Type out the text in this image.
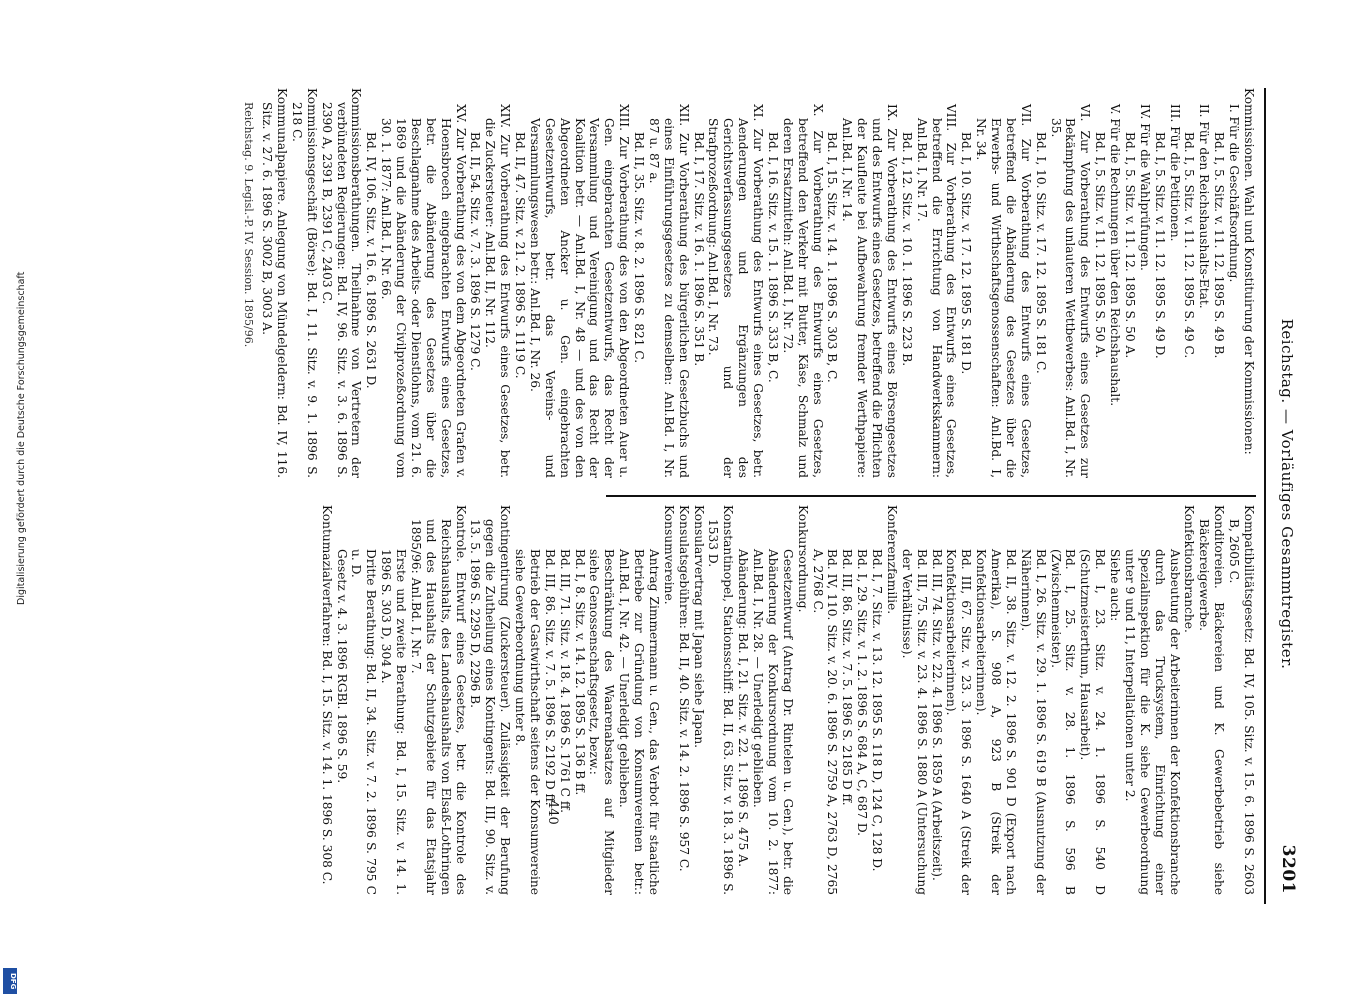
Reichstag. — Vorläufiges Gesammtregister.
3201

Kommissionen. Wahl und Konstituirung der Kommissionen:

I. Für die Geschäftsordnung.

Bd. I, 5. Sitz. v. 11. 12. 1895 S. 49 B.

II. Für den Reichshaushalts-Etat.

Bd. I, 5. Sitz. v. 11. 12. 1895 S. 49 C.

III. Für die Petitionen.

Bd. I, 5. Sitz. v. 11. 12. 1895 S. 49 D.

IV. Für die Wahlprüfungen.

Bd. I, 5. Sitz. v. 11. 12. 1895 S. 50 A.

V. Für die Rechnungen über den Reichshaushalt.

Bd. I, 5. Sitz. v. 11. 12. 1895 S. 50 A.

VI. Zur Vorberathung des Entwurfs eines Gesetzes zur Bekämpfung des unlauteren Wettbewerbes: Anl.Bd. I, Nr. 35.

Bd. I, 10. Sitz. v. 17. 12. 1895 S. 181 C.

VII. Zur Vorberathung des Entwurfs eines Gesetzes, betreffend die Abänderung des Gesetzes über die Erwerbs- und Wirthschaftsgenossenschaften: Anl.Bd. I, Nr. 34.

Bd. I, 10. Sitz. v. 17. 12. 1895 S. 181 D.

VIII. Zur Vorberathung des Entwurfs eines Gesetzes, betreffend die Errichtung von Handwerkskammern: Anl.Bd. I, Nr. 17.

Bd. I, 12. Sitz. v. 10. 1. 1896 S. 223 B.

IX. Zur Vorberathung des Entwurfs eines Börsengesetzes und des Entwurfs eines Gesetzes, betreffend die Pflichten der Kaufleute bei Aufbewahrung fremder Werthpapiere: Anl.Bd. I, Nr. 14.

Bd. I, 15. Sitz. v. 14. 1. 1896 S. 303 B, C.

X. Zur Vorberathung des Entwurfs eines Gesetzes, betreffend den Verkehr mit Butter, Käse, Schmalz und deren Ersatzmitteln: Anl.Bd. I, Nr. 72.

Bd. I, 16. Sitz. v. 15. 1. 1896 S. 333 B, C.

XI. Zur Vorberathung des Entwurfs eines Gesetzes, betr. Aenderungen und Ergänzungen des Gerichtsverfassungsgesetzes und der Strafprozeßordnung: Anl.Bd. I, Nr. 73.

Bd. I, 17. Sitz. v. 16. 1. 1896 S. 351 B.

XII. Zur Vorberathung des bürgerlichen Gesetzbuchs und eines Einführungsgesetzes zu demselben: Anl.Bd. I, Nr. 87 u. 87 a.

Bd. II, 35. Sitz. v. 8. 2. 1896 S. 821 C.

XIII. Zur Vorberathung des von den Abgeordneten Auer u. Gen. eingebrachten Gesetzentwurfs, das Recht der Versammlung und Vereinigung und das Recht der Koalition betr. — Anl.Bd. I, Nr. 48 — und des von den Abgeordneten Ancker u. Gen. eingebrachten Gesetzentwurfs, betr. das Vereins- und Versammlungswesen betr.: Anl.Bd. I, Nr. 26.

Bd. II, 47. Sitz. v. 21. 2. 1896 S. 1119 C.

XIV. Zur Vorberathung des Entwurfs eines Gesetzes, betr. die Zuckersteuer: Anl.Bd. II, Nr. 112.

Bd. II, 54. Sitz. v. 7. 3. 1896 S. 1279 C.

XV. Zur Vorberathung des von dem Abgeordneten Grafen v. Hoensbroech eingebrachten Entwurfs eines Gesetzes, betr. die Abänderung des Gesetzes über die Beschlagnahme des Arbeits- oder Dienstlohns, vom 21. 6. 1869 und die Abänderung der Civilprozeßordnung vom 30. 1. 1877: Anl.Bd. I, Nr. 66.

Bd. IV, 106. Sitz. v. 16. 6. 1896 S. 2631 D.

Kommissionsberathungen. Theilnahme von Vertretern der verbündeten Regierungen: Bd. IV, 96. Sitz. v. 3. 6. 1896 S. 2390 A, 2391 B, 2391 C, 2403 C.

Kommissionsgeschäft (Börse): Bd. I, 11. Sitz. v. 9. 1. 1896 S. 218 C.

Kommunalpapiere. Anlegung von Mündelgeldern: Bd. IV, 116. Sitz. v. 27. 6. 1896 S. 3002 B, 3003 A.

Reichstag. 9. Legisl.-P. IV. Session. 1895/96.

Kompatibilitätsgesetz: Bd. IV, 105. Sitz. v. 15. 6. 1896 S. 2603 B, 2605 C.

Konditoreien. Bäckereien und K. Gewerbebetrieb siehe Bäckereigewerbe.

Konfektionsbranche.

Ausbeutung der Arbeiterinnen der Konfektionsbranche durch das Trucksystem, Einrichtung einer Spezialinspektion für die K. siehe Gewerbeordnung unter 9 und 11, Interpellationen unter 2.

Siehe auch:

Bd. I, 23. Sitz. v. 24. 1. 1896 S. 540 D (Schutzmeisterthum, Hausarbeit).

Bd. I, 25. Sitz. v. 28. 1. 1896 S. 596 B (Zwischenmeister).

Bd. I, 26. Sitz. v. 29. 1. 1896 S. 619 B (Ausnutzung der Näherinnen).

Bd. II, 38. Sitz. v. 12. 2. 1896 S. 901 D (Export nach Amerika), S. 908 A, 923 B (Streik der Konfektionsarbeiterinnen).

Bd. III, 67. Sitz. v. 23. 3. 1896 S. 1640 A (Streik der Konfektionsarbeiterinnen).

Bd. III, 74. Sitz. v. 22. 4. 1896 S. 1859 A (Arbeitszeit).

Bd. III, 75. Sitz. v. 23. 4. 1896 S. 1880 A (Untersuchung der Verhältnisse).

Konferenzfamilie.

Bd. I, 7. Sitz. v. 13. 12. 1895 S. 118 D, 124 C, 128 D.

Bd. I, 29. Sitz. v. 1. 2. 1896 S. 684 A, C, 687 D.

Bd. III, 86. Sitz. v. 7. 5. 1896 S. 2185 D ff.

Bd. IV, 110. Sitz. v. 20. 6. 1896 S. 2759 A, 2763 D, 2765 A, 2768 C.

Konkursordnung.

Gesetzentwurf (Antrag Dr. Rintelen u. Gen.), betr. die Abänderung der Konkursordnung vom 10. 2. 1877: Anl.Bd. I, Nr. 28. — Unerledigt geblieben.

Abänderung: Bd. I, 21. Sitz. v. 22. 1. 1896 S. 475 A.

Konstantinopel, Stationsschiff: Bd. II, 63. Sitz. v. 18. 3. 1896 S. 1533 D.

Konsularvertrag mit Japan siehe Japan.

Konsulatsgebühren: Bd. II, 40. Sitz. v. 14. 2. 1896 S. 957 C.

Konsumvereine.

Antrag Zimmermann u. Gen., das Verbot für staatliche Betriebe zur Gründung von Konsumvereinen betr.: Anl.Bd. I, Nr. 42. — Unerledigt geblieben.

Beschränkung des Waarenabsatzes auf Mitglieder siehe Genossenschaftsgesetz, bezw.:

Bd. I, 8. Sitz. v. 14. 12. 1895 S. 136 B ff.

Bd. III, 71. Sitz. v. 18. 4. 1896 S. 1761 C ff.

Bd. III, 86. Sitz. v. 7. 5. 1896 S. 2192 D ff.

Betrieb der Gastwirthschaft seitens der Konsumvereine siehe Gewerbeordnung unter 8.

Kontingentirung (Zuckersteuer). Zulässigkeit der Berufung gegen die Zutheilung eines Kontingents: Bd. III, 90. Sitz. v. 13. 5. 1896 S. 2295 D, 2296 B.

Kontrole. Entwurf eines Gesetzes, betr. die Kontrole des Reichshaushalts, des Landeshaushalts von Elsaß-Lothringen und des Haushalts der Schutzgebiete für das Etatsjahr 1895/96: Anl.Bd. I, Nr. 7.

Erste und zweite Berathung: Bd. I, 15. Sitz. v. 14. 1. 1896 S. 303 D, 304 A.

Dritte Berathung: Bd. II, 34. Sitz. v. 7. 2. 1896 S. 795 C u. D.

Gesetz v. 4. 3. 1896 RGBl. 1896 S. 59.

Kontumazialverfahren: Bd. I, 15. Sitz. v. 14. 1. 1896 S. 308 C.	440
Digitalisierung gefördert durch die Deutsche Forschungsgemeinschaft
DFG
